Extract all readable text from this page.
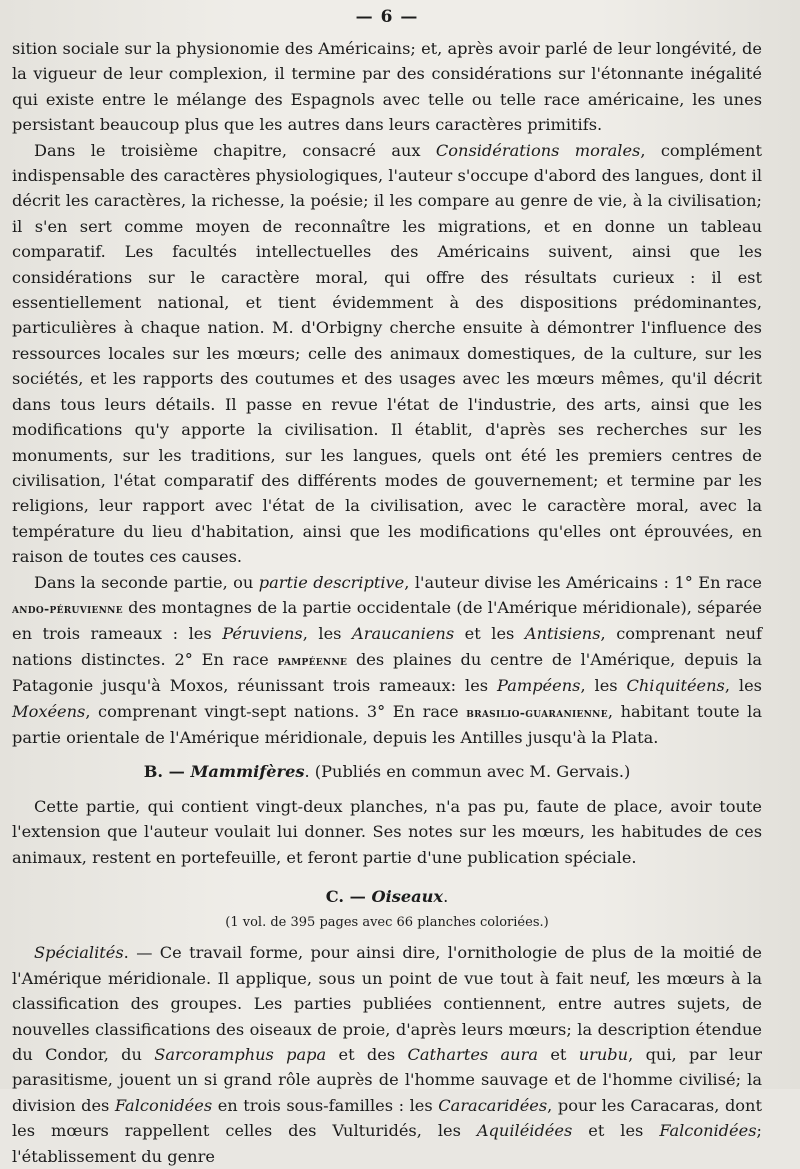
— 6 —

sition sociale sur la physionomie des Américains; et, après avoir parlé de leur longévité, de la vigueur de leur complexion, il termine par des considérations sur l'étonnante inégalité qui existe entre le mélange des Espagnols avec telle ou telle race américaine, les unes persistant beaucoup plus que les autres dans leurs caractères primitifs.

Dans le troisième chapitre, consacré aux Considérations morales, complément indispensable des caractères physiologiques, l'auteur s'occupe d'abord des langues, dont il décrit les caractères, la richesse, la poésie; il les compare au genre de vie, à la civilisation; il s'en sert comme moyen de reconnaître les migrations, et en donne un tableau comparatif. Les facultés intellectuelles des Américains suivent, ainsi que les considérations sur le caractère moral, qui offre des résultats curieux : il est essentiellement national, et tient évidemment à des dispositions prédominantes, particulières à chaque nation. M. d'Orbigny cherche ensuite à démontrer l'influence des ressources locales sur les mœurs; celle des animaux domestiques, de la culture, sur les sociétés, et les rapports des coutumes et des usages avec les mœurs mêmes, qu'il décrit dans tous leurs détails. Il passe en revue l'état de l'industrie, des arts, ainsi que les modifications qu'y apporte la civilisation. Il établit, d'après ses recherches sur les monuments, sur les traditions, sur les langues, quels ont été les premiers centres de civilisation, l'état comparatif des différents modes de gouvernement; et termine par les religions, leur rapport avec l'état de la civilisation, avec le caractère moral, avec la température du lieu d'habitation, ainsi que les modifications qu'elles ont éprouvées, en raison de toutes ces causes.

Dans la seconde partie, ou partie descriptive, l'auteur divise les Américains : 1° En race ando-péruvienne des montagnes de la partie occidentale (de l'Amérique méridionale), séparée en trois rameaux : les Péruviens, les Araucaniens et les Antisiens, comprenant neuf nations distinctes. 2° En race pampéenne des plaines du centre de l'Amérique, depuis la Patagonie jusqu'à Moxos, réunissant trois rameaux: les Pampéens, les Chiquitéens, les Moxéens, comprenant vingt-sept nations. 3° En race brasilio-guaranienne, habitant toute la partie orientale de l'Amérique méridionale, depuis les Antilles jusqu'à la Plata.

B. — Mammifères. (Publiés en commun avec M. Gervais.)

Cette partie, qui contient vingt-deux planches, n'a pas pu, faute de place, avoir toute l'extension que l'auteur voulait lui donner. Ses notes sur les mœurs, les habitudes de ces animaux, restent en portefeuille, et feront partie d'une publication spéciale.

C. — Oiseaux.
(1 vol. de 395 pages avec 66 planches coloriées.)

Spécialités. — Ce travail forme, pour ainsi dire, l'ornithologie de plus de la moitié de l'Amérique méridionale. Il applique, sous un point de vue tout à fait neuf, les mœurs à la classification des groupes. Les parties publiées contiennent, entre autres sujets, de nouvelles classifications des oiseaux de proie, d'après leurs mœurs; la description étendue du Condor, du Sarcoramphus papa et des Cathartes aura et urubu, qui, par leur parasitisme, jouent un si grand rôle auprès de l'homme sauvage et de l'homme civilisé; la division des Falconidées en trois sous-familles : les Caracaridées, pour les Caracaras, dont les mœurs rappellent celles des Vulturidés, les Aquiléidées et les Falconidées; l'établissement du genre
